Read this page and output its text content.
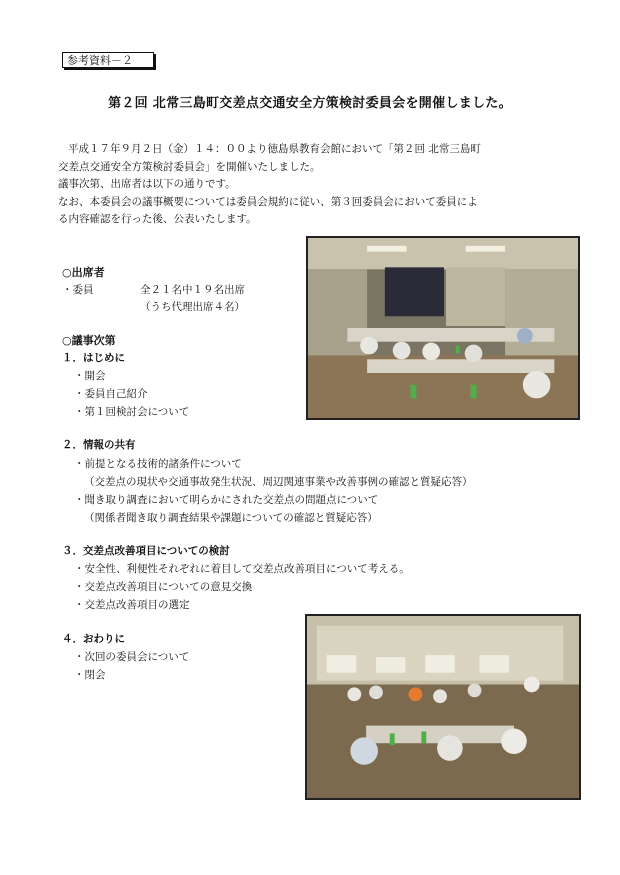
参考資料－２
第２回 北常三島町交差点交通安全方策検討委員会を開催しました。

平成１７年９月２日（金）１４：００より徳島県教育会館において「第２回 北常三島町

交差点交通安全方策検討委員会」を開催いたしました。

議事次第、出席者は以下の通りです。

なお、本委員会の議事概要については委員会規約に従い、第３回委員会において委員によ

る内容確認を行った後、公表いたします。

○出席者
・委員	全２１名中１９名出席
（うち代理出席４名）
○議事次第
１．はじめに
・開会
・委員自己紹介
・第１回検討会について
２．情報の共有
・前提となる技術的諸条件について
（交差点の現状や交通事故発生状況、周辺関連事業や改善事例の確認と質疑応答）
・聞き取り調査において明らかにされた交差点の問題点について
（関係者聞き取り調査結果や課題についての確認と質疑応答）
３．交差点改善項目についての検討
・安全性、利便性それぞれに着目して交差点改善項目について考える。
・交差点改善項目についての意見交換
・交差点改善項目の選定
４．おわりに
・次回の委員会について
・閉会
